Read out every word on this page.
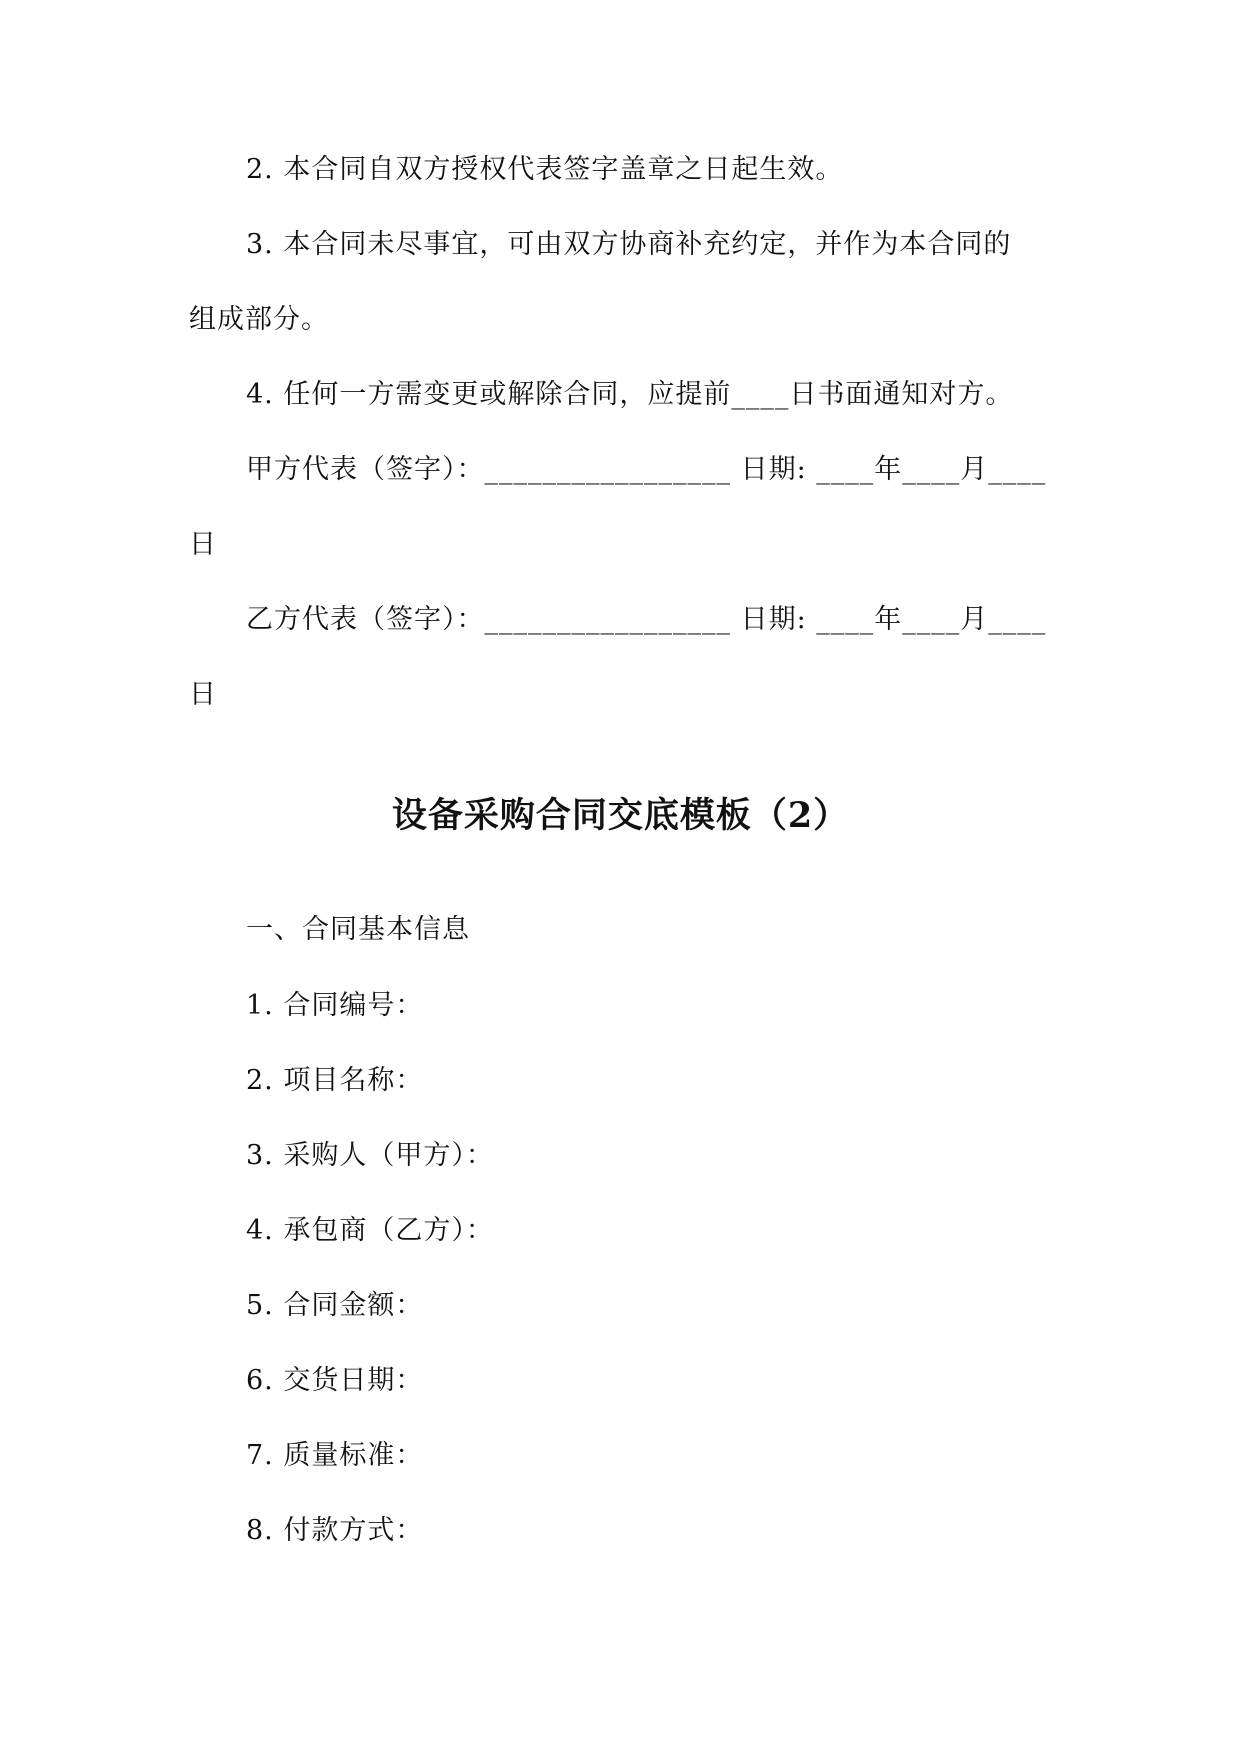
2. 本合同自双方授权代表签字盖章之日起生效。
3. 本合同未尽事宜，可由双方协商补充约定，并作为本合同的
组成部分。
4. 任何一方需变更或解除合同，应提前____日书面通知对方。
甲方代表（签字）：_________________ 日期: ____年____月____
日
乙方代表（签字）：_________________ 日期: ____年____月____
日
设备采购合同交底模板（2）
一、合同基本信息
1. 合同编号：
2. 项目名称：
3. 采购人（甲方）：
4. 承包商（乙方）：
5. 合同金额：
6. 交货日期：
7. 质量标准：
8. 付款方式：
